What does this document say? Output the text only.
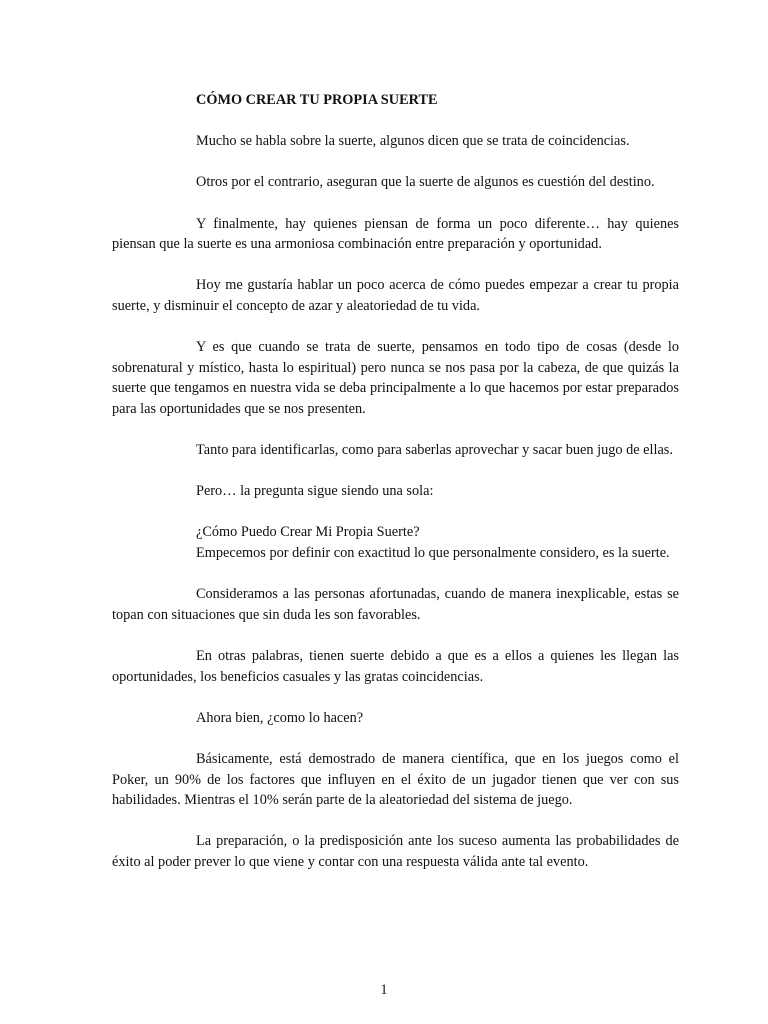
CÓMO CREAR TU PROPIA SUERTE

Mucho se habla sobre la suerte, algunos dicen que se trata de coincidencias.

Otros por el contrario, aseguran que la suerte de algunos es cuestión del destino.

Y finalmente, hay quienes piensan de forma un poco diferente… hay quienes piensan que la suerte es una armoniosa combinación entre preparación y oportunidad.

Hoy me gustaría hablar un poco acerca de cómo puedes empezar a crear tu propia suerte, y disminuir el concepto de azar y aleatoriedad de tu vida.

Y es que cuando se trata de suerte, pensamos en todo tipo de cosas (desde lo sobrenatural y místico, hasta lo espiritual) pero nunca se nos pasa por la cabeza, de que quizás la suerte que tengamos en nuestra vida se deba principalmente a lo que hacemos por estar preparados para las oportunidades que se nos presenten.

Tanto para identificarlas, como para saberlas aprovechar y sacar buen jugo de ellas.

Pero… la pregunta sigue siendo una sola:

¿Cómo Puedo Crear Mi Propia Suerte?

Empecemos por definir con exactitud lo que personalmente considero, es la suerte.

Consideramos a las personas afortunadas, cuando de manera inexplicable, estas se topan con situaciones que sin duda les son favorables.

En otras palabras, tienen suerte debido a que es a ellos a quienes les llegan las oportunidades, los beneficios casuales y las gratas coincidencias.

Ahora bien, ¿como lo hacen?

Básicamente, está demostrado de manera científica, que en los juegos como el Poker, un 90% de los factores que influyen en el éxito de un jugador tienen que ver con sus habilidades. Mientras el 10% serán parte de la aleatoriedad del sistema de juego.

La preparación, o la predisposición ante los suceso aumenta las probabilidades de éxito al poder prever lo que viene y contar con una respuesta válida ante tal evento.

1
